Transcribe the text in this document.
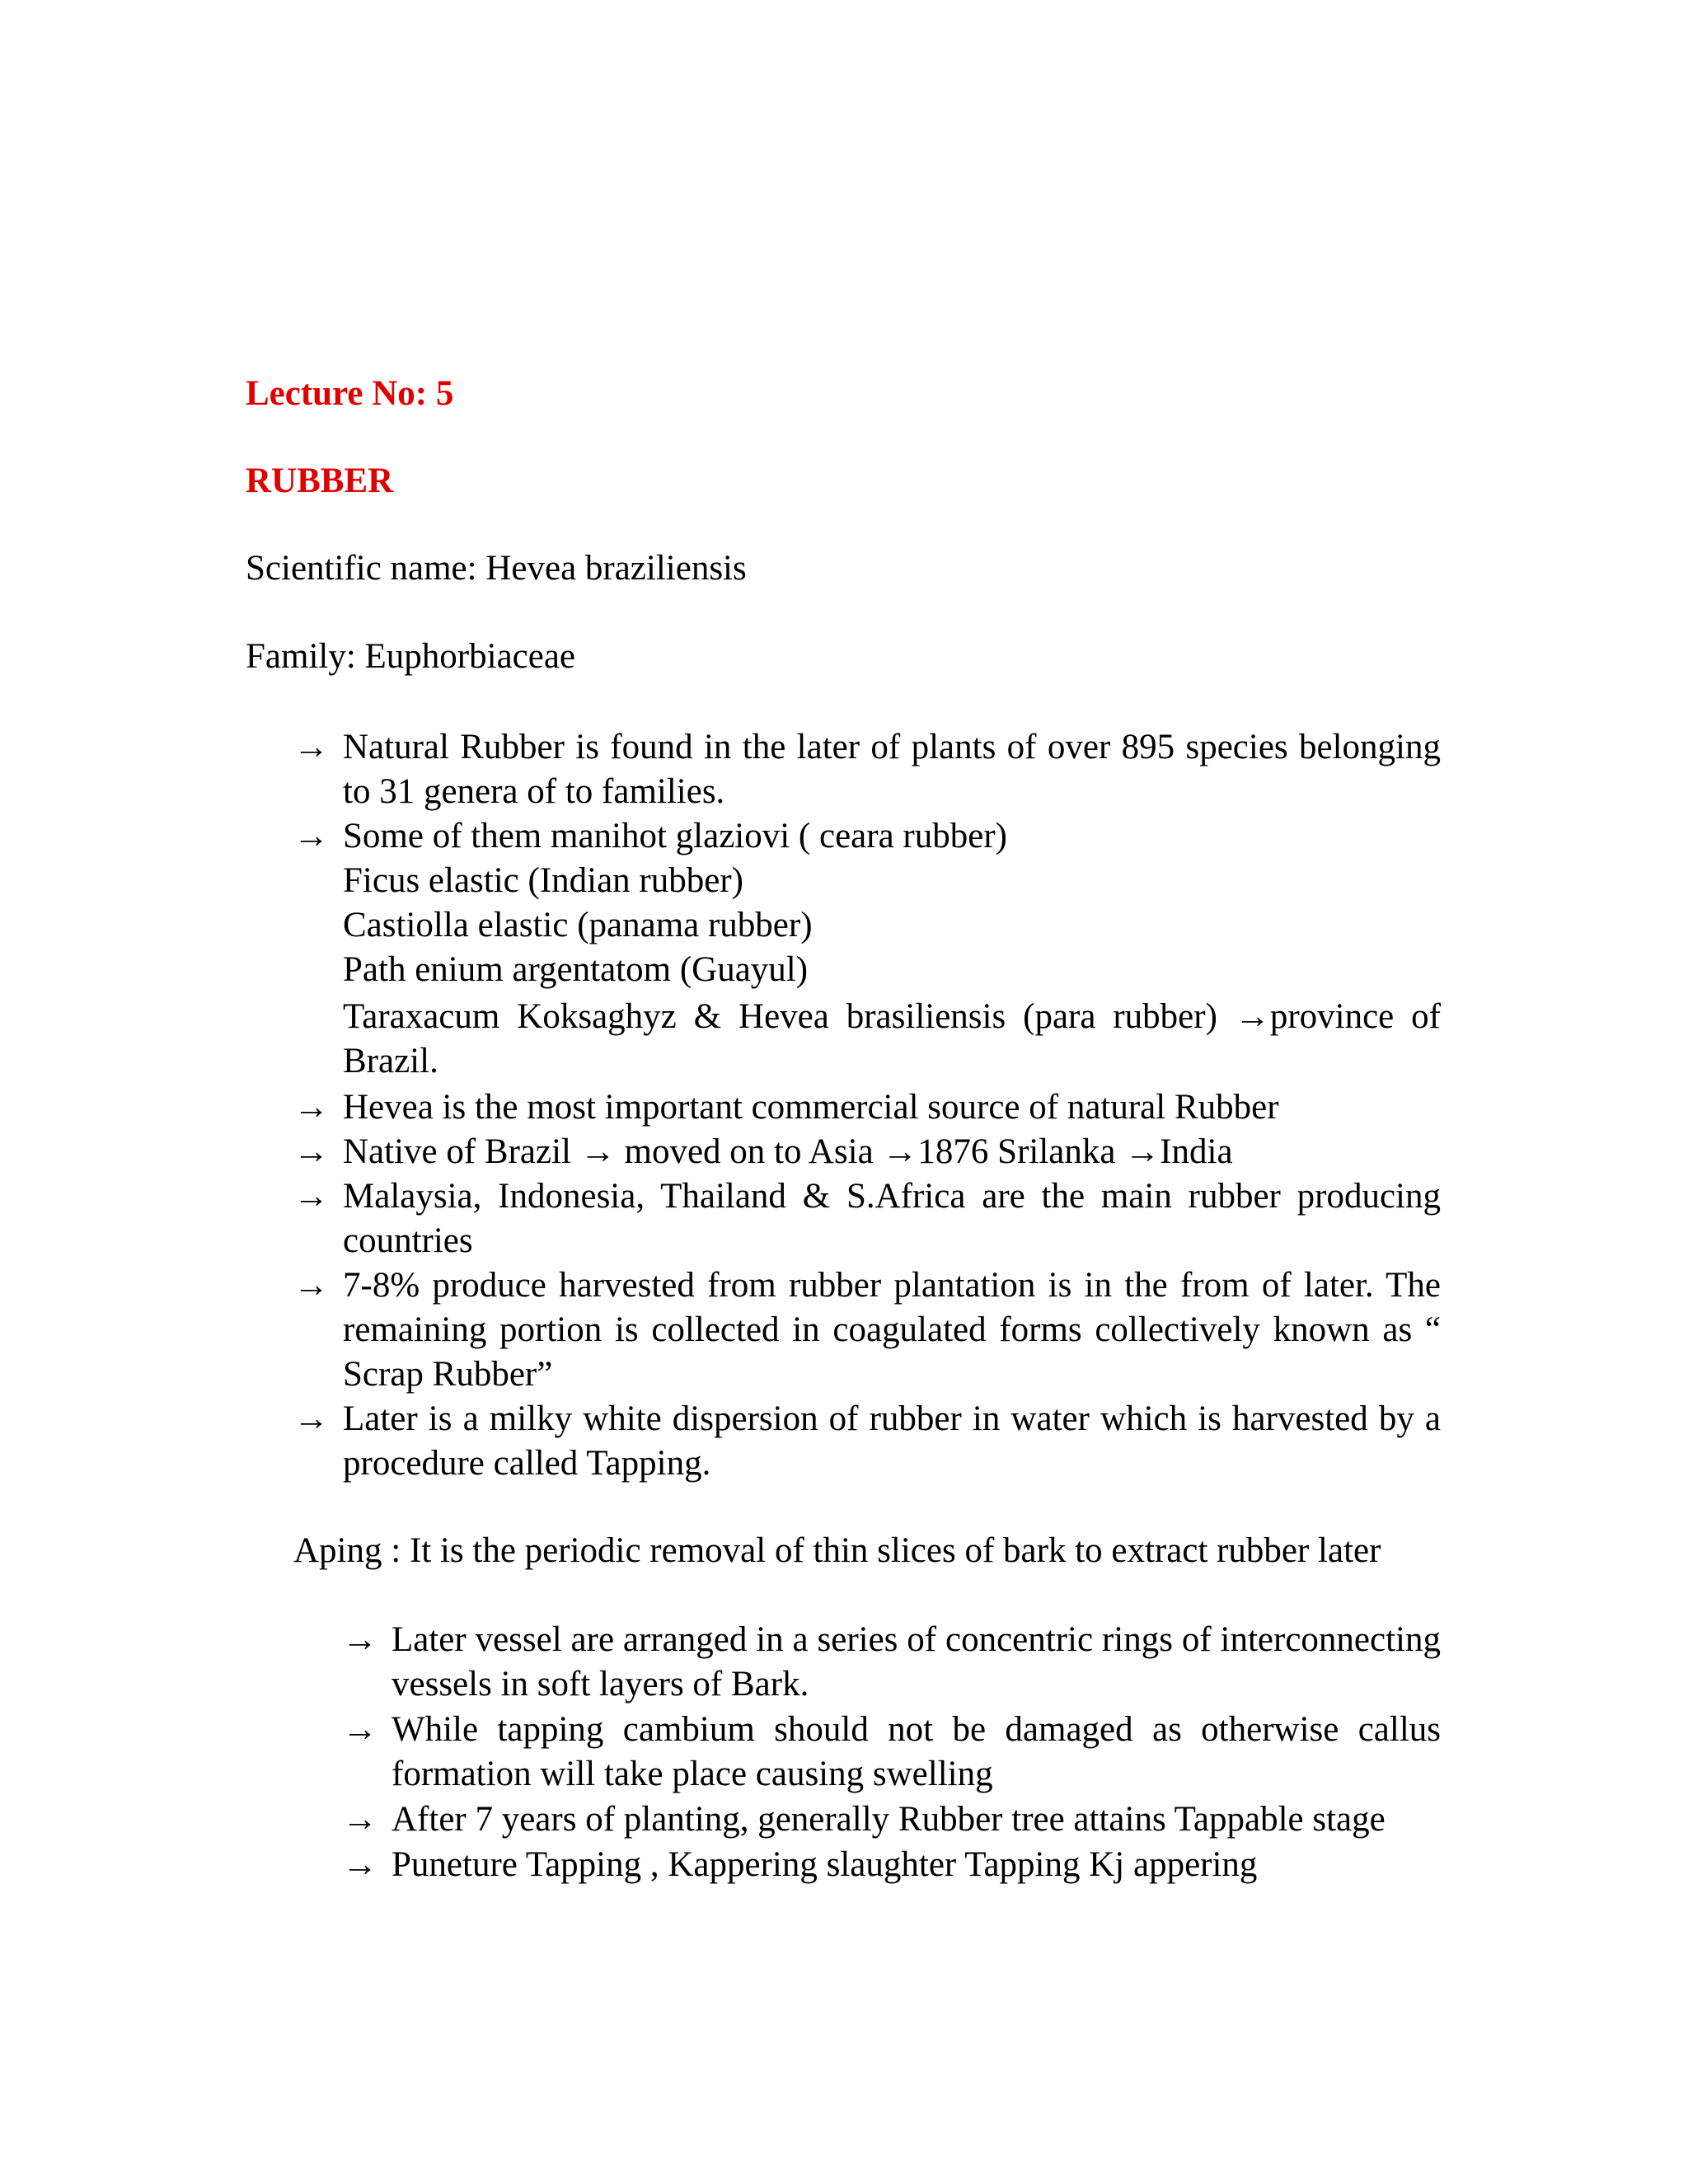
Lecture No: 5
RUBBER
Scientific name: Hevea braziliensis
Family: Euphorbiaceae
→ Natural Rubber is found in the later of plants of over 895 species belonging to 31 genera of to families.
→ Some of them manihot glaziovi ( ceara rubber)
Ficus elastic (Indian rubber)
Castiolla elastic (panama rubber)
Path enium argentatom (Guayul)
Taraxacum Koksaghyz & Hevea brasiliensis (para rubber) →province of Brazil.
→ Hevea is the most important commercial source of natural Rubber
→ Native of Brazil → moved on to Asia →1876 Srilanka →India
→ Malaysia, Indonesia, Thailand & S.Africa are the main rubber producing countries
→ 7-8% produce harvested from rubber plantation is in the from of later. The remaining portion is collected in coagulated forms collectively known as “ Scrap Rubber”
→ Later is a milky white dispersion of rubber in water which is harvested by a procedure called Tapping.
Aping : It is the periodic removal of thin slices of bark to extract rubber later
→ Later vessel are arranged in a series of concentric rings of interconnecting vessels in soft layers of Bark.
→ While tapping cambium should not be damaged as otherwise callus formation will take place causing swelling
→ After 7 years of planting, generally Rubber tree attains Tappable stage
→ Puneture Tapping , Kappering slaughter Tapping Kj appering
